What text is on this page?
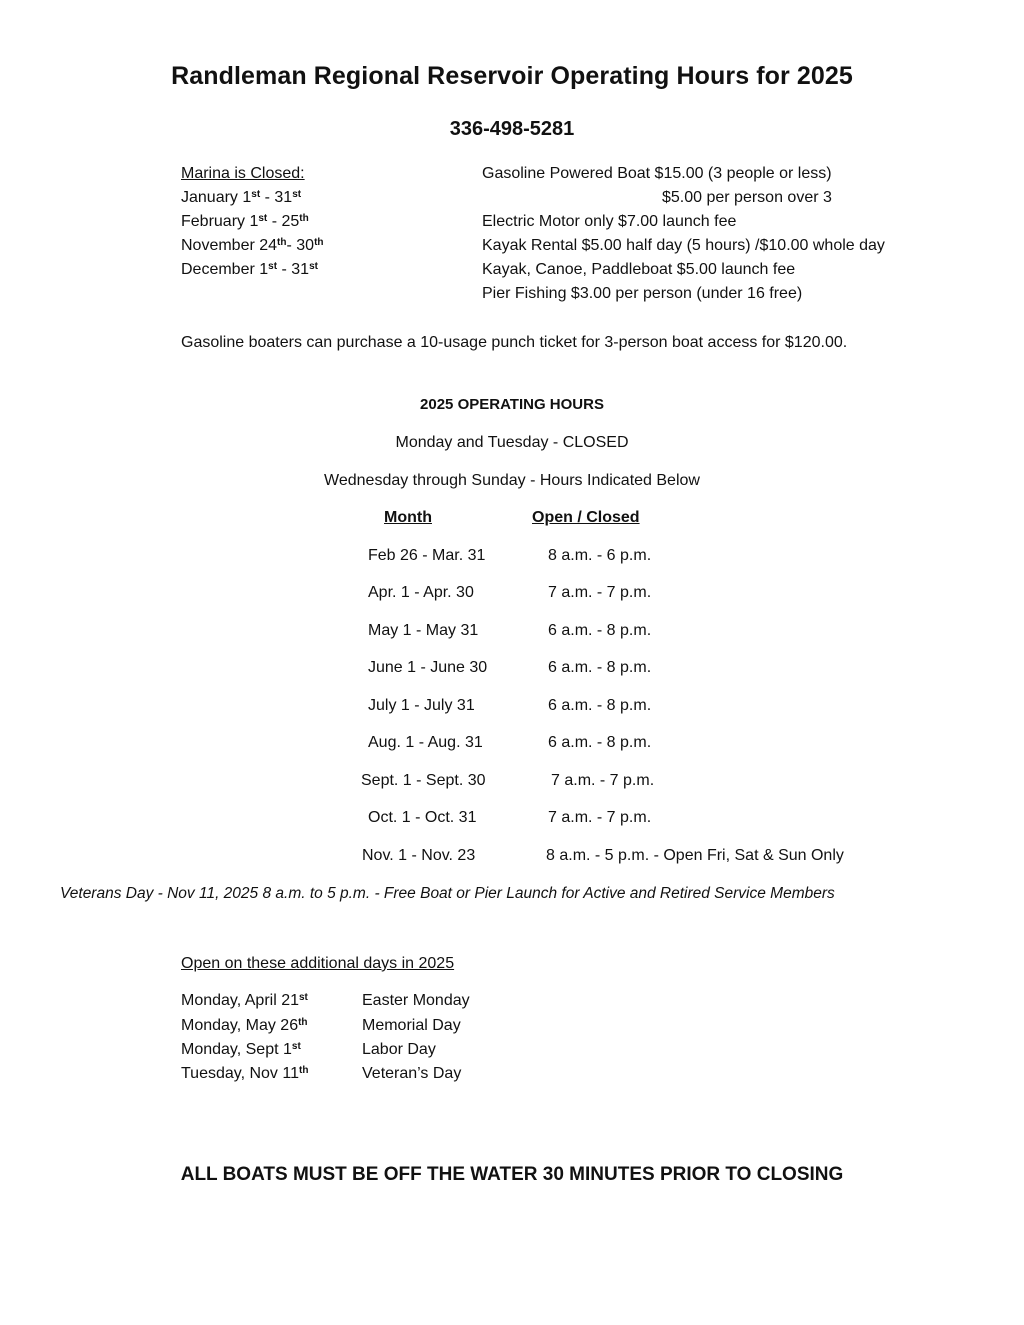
Randleman Regional Reservoir Operating Hours for 2025
336-498-5281
Marina is Closed:
January 1st - 31st
February 1st - 25th
November 24th- 30th
December 1st - 31st
Gasoline Powered Boat $15.00 (3 people or less)
$5.00 per person over 3
Electric Motor only $7.00 launch fee
Kayak Rental $5.00 half day (5 hours) /$10.00 whole day
Kayak, Canoe, Paddleboat $5.00 launch fee
Pier Fishing $3.00 per person (under 16 free)
Gasoline boaters can purchase a 10-usage punch ticket for 3-person boat access for $120.00.
2025 OPERATING HOURS
Monday and Tuesday - CLOSED
Wednesday through Sunday - Hours Indicated Below
Month	Open / Closed
Feb 26 - Mar. 31	8 a.m. - 6 p.m.
Apr. 1 - Apr. 30	7 a.m. - 7 p.m.
May 1 - May 31	6 a.m. - 8 p.m.
June 1 - June 30	6 a.m. - 8 p.m.
July 1 - July 31	6 a.m. - 8 p.m.
Aug. 1 - Aug. 31	6 a.m. - 8 p.m.
Sept. 1 - Sept. 30	7 a.m. - 7 p.m.
Oct. 1 - Oct. 31	7 a.m. - 7 p.m.
Nov. 1 - Nov. 23	8 a.m. - 5 p.m. - Open Fri, Sat & Sun Only
Veterans Day - Nov 11, 2025 8 a.m. to 5 p.m. - Free Boat or Pier Launch for Active and Retired Service Members
Open on these additional days in 2025
Monday, April 21st	Easter Monday
Monday, May 26th	Memorial Day
Monday, Sept 1st	Labor Day
Tuesday, Nov 11th	Veteran’s Day
ALL BOATS MUST BE OFF THE WATER 30 MINUTES PRIOR TO CLOSING
